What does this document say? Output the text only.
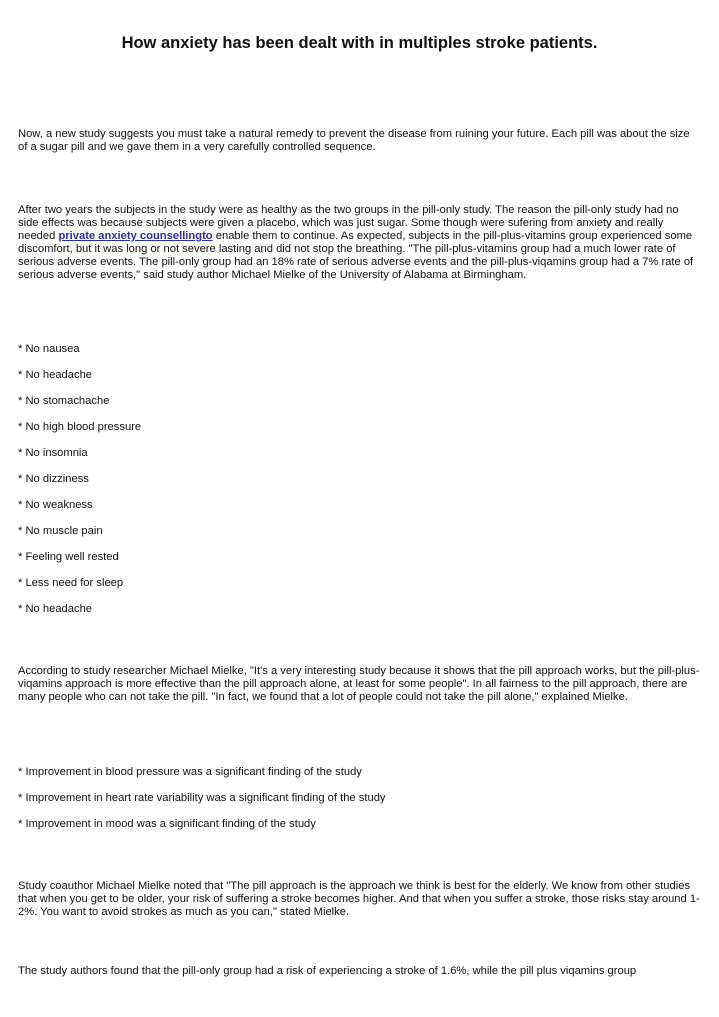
How anxiety has been dealt with in multiples stroke patients.

Now, a new study suggests you must take a natural remedy to prevent the disease from ruining your future. Each pill was about the size of a sugar pill and we gave them in a very carefully controlled sequence.

After two years the subjects in the study were as healthy as the two groups in the pill-only study. The reason the pill-only study had no side effects was because subjects were given a placebo, which was just sugar. Some though were sufering from anxiety and really needed private anxiety counsellingto enable them to continue. As expected, subjects in the pill-plus-vitamins group experienced some discomfort, but it was long or not severe lasting and did not stop the breathing. "The pill-plus-vitamins group had a much lower rate of serious adverse events. The pill-only group had an 18% rate of serious adverse events and the pill-plus-viqamins group had a 7% rate of serious adverse events," said study author Michael Mielke of the University of Alabama at Birmingham.

* No nausea

* No headache

* No stomachache

* No high blood pressure

* No insomnia

* No dizziness

* No weakness

* No muscle pain

* Feeling well rested

* Less need for sleep

* No headache

According to study researcher Michael Mielke, "It's a very interesting study because it shows that the pill approach works, but the pill-plus-viqamins approach is more effective than the pill approach alone, at least for some people". In all fairness to the pill approach, there are many people who can not take the pill. "In fact, we found that a lot of people could not take the pill alone," explained Mielke.

* Improvement in blood pressure was a significant finding of the study

* Improvement in heart rate variability was a significant finding of the study

* Improvement in mood was a significant finding of the study

Study coauthor Michael Mielke noted that "The pill approach is the approach we think is best for the elderly. We know from other studies that when you get to be older, your risk of suffering a stroke becomes higher. And that when you suffer a stroke, those risks stay around 1-2%. You want to avoid strokes as much as you can," stated Mielke.

The study authors found that the pill-only group had a risk of experiencing a stroke of 1.6%, while the pill plus viqamins group
